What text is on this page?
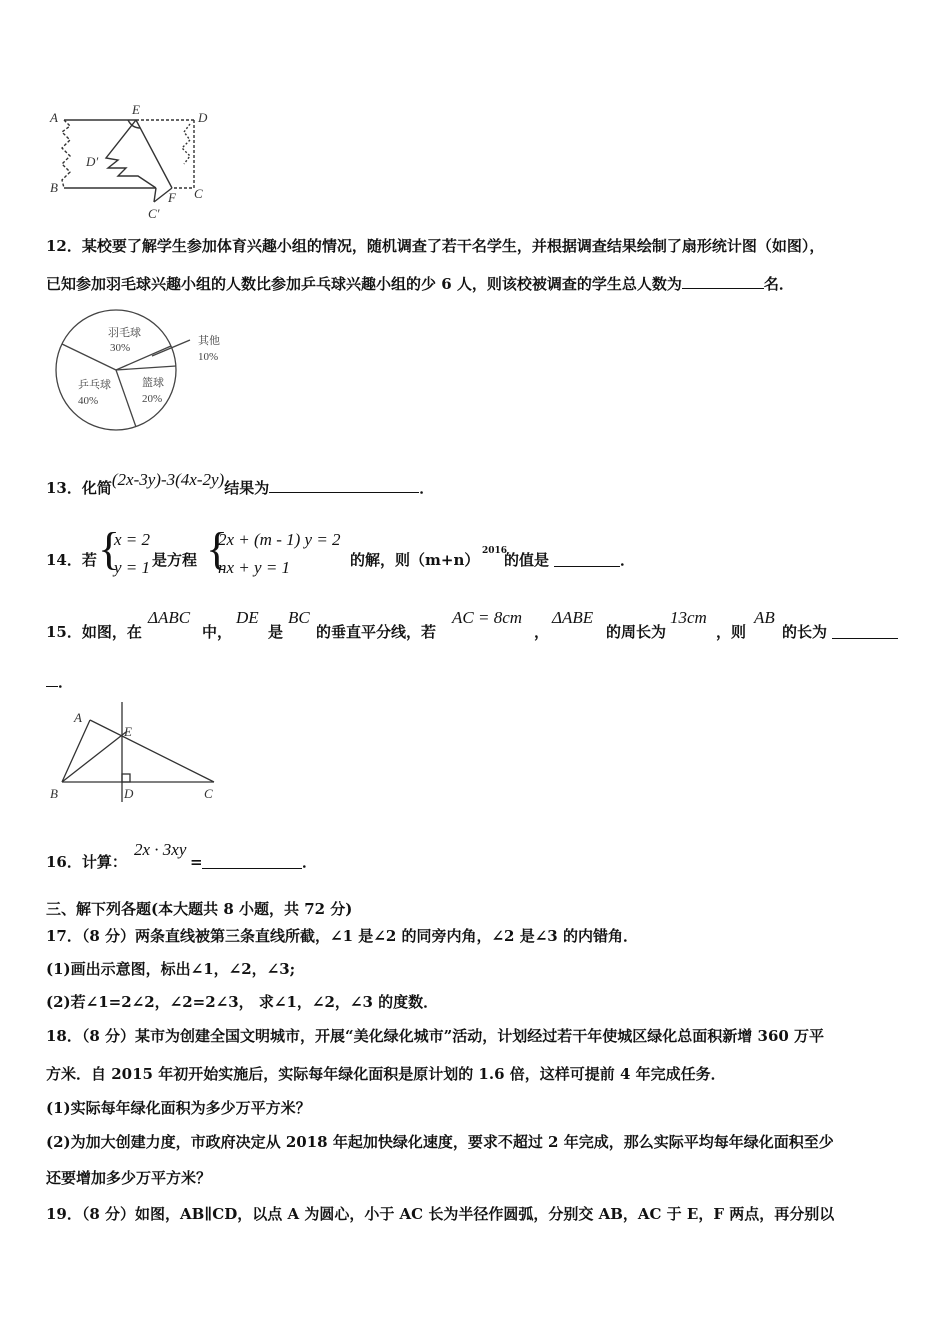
A
E
D
B
D′
F C
C′
12．某校要了解学生参加体育兴趣小组的情况，随机调查了若干名学生，并根据调查结果绘制了扇形统计图（如图），
已知参加羽毛球兴趣小组的人数比参加乒乓球兴趣小组的少 6 人，则该校被调查的学生总人数为	名．
羽毛球
30%
其他
10%
乒乓球
40%
篮球
20%
13．化简(2x-3y)-3(4x-2y)结果为	．
14．若 {
x = 2
y = 1 是方程 {
2x + (m - 1) y = 2
nx + y = 1	的解，则（m+n） 2016
的值是	．
15．如图，在
ΔABC
中，
DE
是
BC
的垂直平分线，若
AC = 8cm
，
ΔABE
的周长为
13cm
，则
AB
的长为
．
A
E
B	D	C
16．计算：
2x · 3xy
=	．
三、解下列各题(本大题共 8 小题，共 72 分)
17．（8 分）两条直线被第三条直线所截，∠1 是∠2 的同旁内角，∠2 是∠3 的内错角．
(1)画出示意图，标出∠1，∠2，∠3;
(2)若∠1=2∠2，∠2=2∠3， 求∠1，∠2，∠3 的度数．
18．（8 分）某市为创建全国文明城市，开展“美化绿化城市”活动，计划经过若干年使城区绿化总面积新增 360 万平
方米．自 2015 年初开始实施后，实际每年绿化面积是原计划的 1.6 倍，这样可提前 4 年完成任务．
(1)实际每年绿化面积为多少万平方米？
(2)为加大创建力度，市政府决定从 2018 年起加快绿化速度，要求不超过 2 年完成，那么实际平均每年绿化面积至少
还要增加多少万平方米？
19．（8 分）如图，AB∥CD，以点 A 为圆心，小于 AC 长为半径作圆弧，分别交 AB，AC 于 E，F 两点，再分别以
